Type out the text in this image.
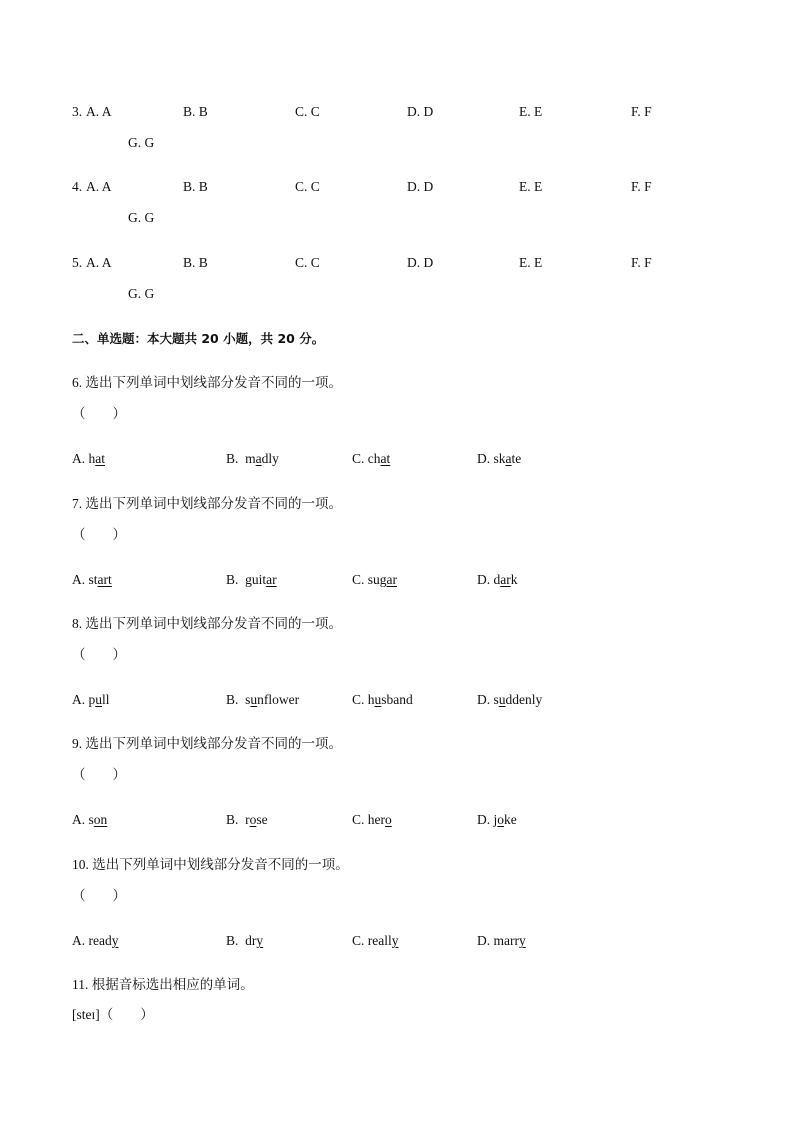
3. A. A	B. B	C. C	D. D	E. E	F. F
G. G
4. A. A	B. B	C. C	D. D	E. E	F. F
G. G
5. A. A	B. B	C. C	D. D	E. E	F. F
G. G
二、单选题：本大题共 20 小题，共 20 分。
6. 选出下列单词中划线部分发音不同的一项。
（　　）
A. hat	B.  madly	C. chat	D. skate
7. 选出下列单词中划线部分发音不同的一项。
（　　）
A. start	B.  guitar	C. sugar	D. dark
8. 选出下列单词中划线部分发音不同的一项。
（　　）
A. pull	B.  sunflower	C. husband	D. suddenly
9. 选出下列单词中划线部分发音不同的一项。
（　　）
A. son	B.  rose	C. hero	D. joke
10. 选出下列单词中划线部分发音不同的一项。
（　　）
A. ready	B.  dry	C. really	D. marry
11. 根据音标选出相应的单词。
[steɪ]（　　）
